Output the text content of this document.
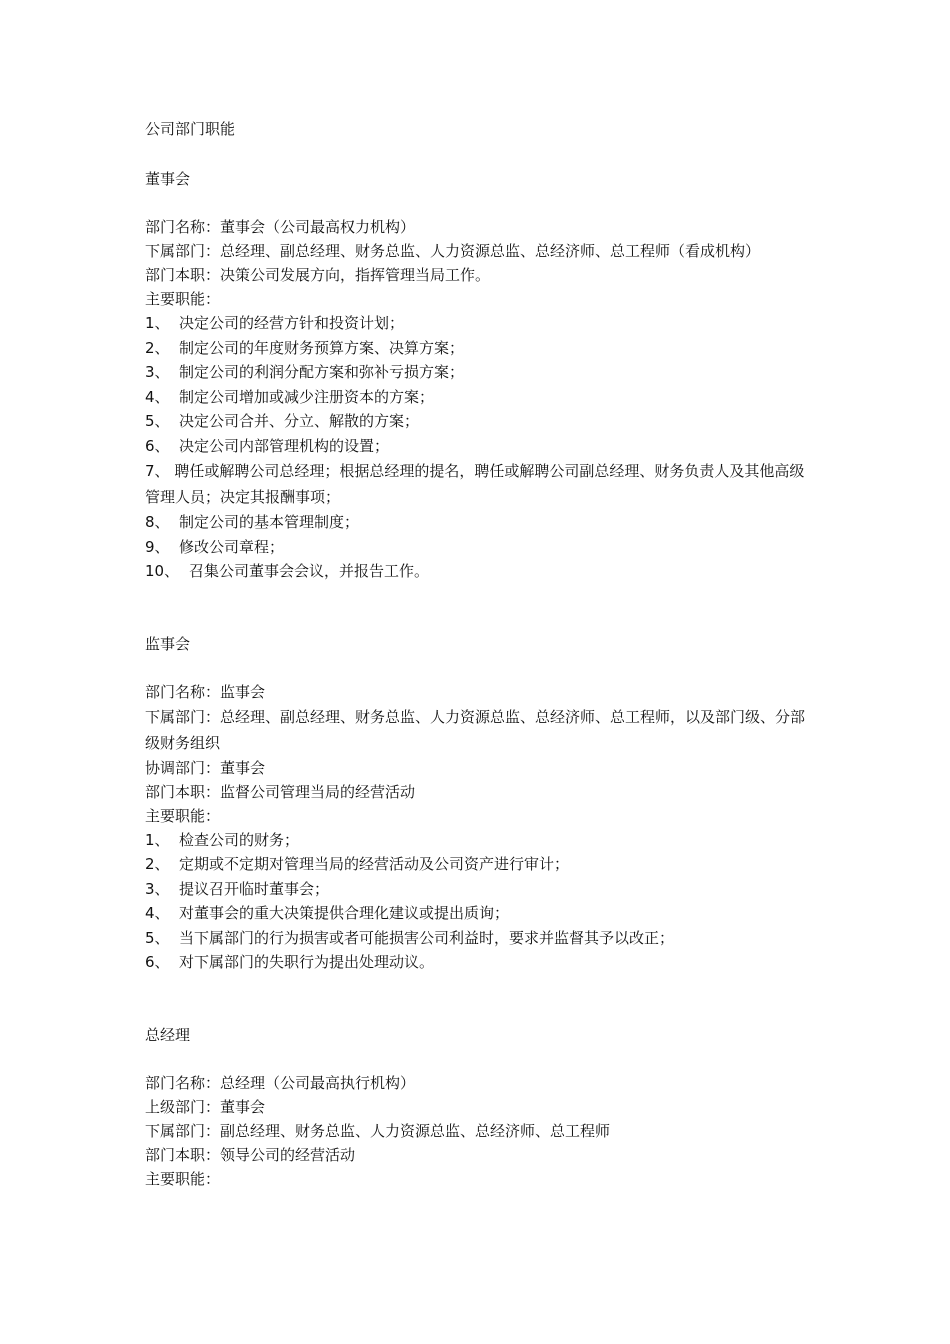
公司部门职能

董事会

部门名称：董事会（公司最高权力机构）

下属部门：总经理、副总经理、财务总监、人力资源总监、总经济师、总工程师（看成机构）

部门本职：决策公司发展方向，指挥管理当局工作。

主要职能：

1、 决定公司的经营方针和投资计划；

2、 制定公司的年度财务预算方案、决算方案；

3、 制定公司的利润分配方案和弥补亏损方案；

4、 制定公司增加或减少注册资本的方案；

5、 决定公司合并、分立、解散的方案；

6、 决定公司内部管理机构的设置；

7、 聘任或解聘公司总经理；根据总经理的提名，聘任或解聘公司副总经理、财务负责人及其他高级管理人员；决定其报酬事项；

8、 制定公司的基本管理制度；

9、 修改公司章程；

10、 召集公司董事会会议，并报告工作。

监事会

部门名称：监事会

下属部门：总经理、副总经理、财务总监、人力资源总监、总经济师、总工程师，以及部门级、分部级财务组织

协调部门：董事会

部门本职：监督公司管理当局的经营活动

主要职能：

1、 检查公司的财务；

2、 定期或不定期对管理当局的经营活动及公司资产进行审计；

3、 提议召开临时董事会；

4、 对董事会的重大决策提供合理化建议或提出质询；

5、 当下属部门的行为损害或者可能损害公司利益时，要求并监督其予以改正；

6、 对下属部门的失职行为提出处理动议。

总经理

部门名称：总经理（公司最高执行机构）

上级部门：董事会

下属部门：副总经理、财务总监、人力资源总监、总经济师、总工程师

部门本职：领导公司的经营活动

主要职能：
